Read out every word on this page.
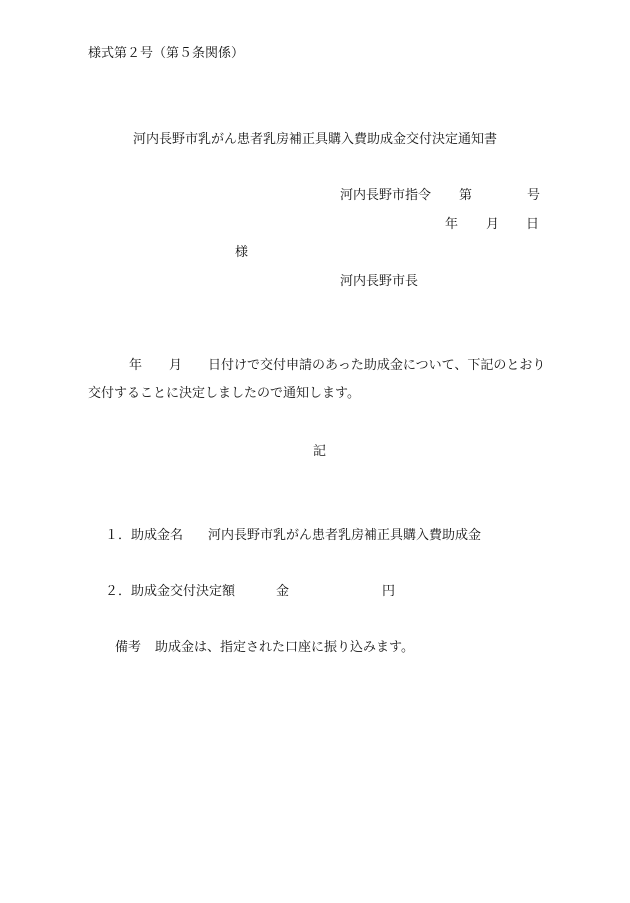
様式第２号（第５条関係）
河内長野市乳がん患者乳房補正具購入費助成金交付決定通知書
河内長野市指令 第	号
年 月 日
様
河内長野市長
年 月 日付けで交付申請のあった助成金について、下記のとおり
交付することに決定しましたので通知します。
記
１．助成金名 河内長野市乳がん患者乳房補正具購入費助成金
２．助成金交付決定額	金	円
備考 助成金は、指定された口座に振り込みます。
